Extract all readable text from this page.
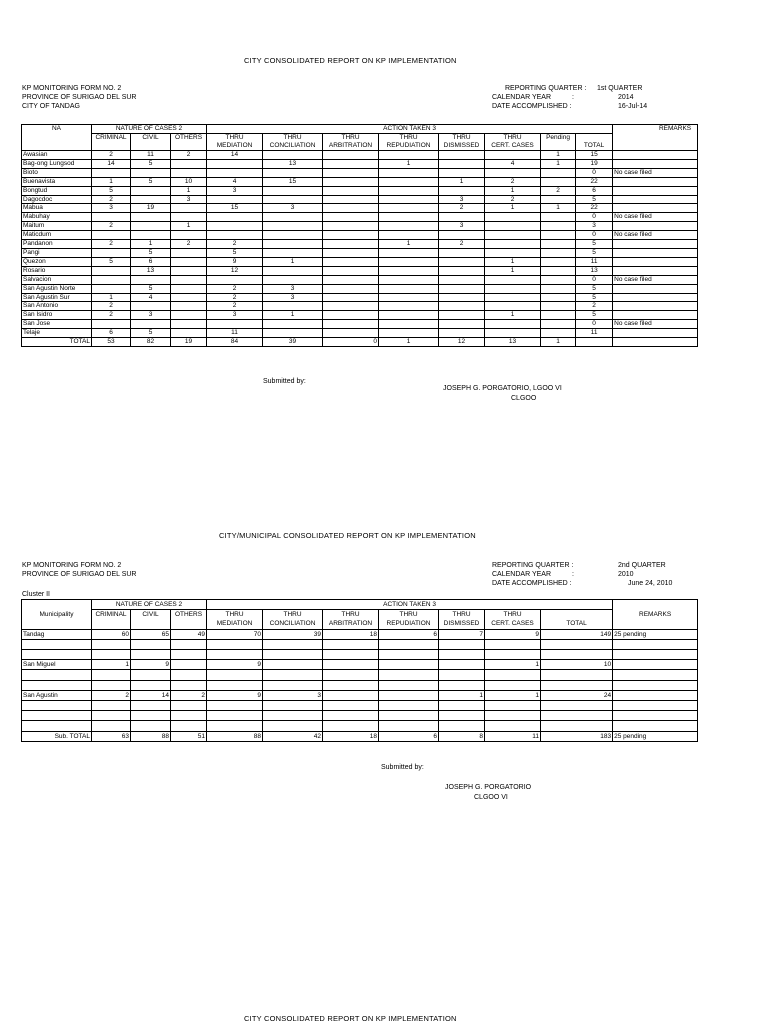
CITY CONSOLIDATED REPORT ON KP IMPLEMENTATION
KP MONITORING FORM NO. 2
PROVINCE OF SURIGAO DEL SUR
CITY OF TANDAG
REPORTING QUARTER : 1st QUARTER
CALENDAR YEAR	:	2014
DATE ACCOMPLISHED :	16-Jul-14
NA	NATURE OF CASES 2			ACTION TAKEN 3								REMARKS
	CRIMINAL	CIVIL	OTHERS	THRU	THRU	THRU	THRU	THRU	THRU	Pending	TOTAL	
				MEDIATION	CONCILIATION	ARBITRATION	REPUDIATION	DISMISSED	CERT. CASES			
Awasian	2	11	2	14						1	15	
Bag-ong Lungsod	14	5			13		1		4	1	19	
Bioto											0	No case filed
Buenavista	1	5	10	4	15			1	2		22	
Bongtud	5		1	3					1	2	6	
Dagocdoc	2		3					3	2		5	
Mabua	3	19		15	3			2	1	1	22	
Mabuhay											0	No case filed
Maitum	2		1					3			3	
Maticdum											0	No case filed
Pandanon	2	1	2	2			1	2			5	
Pangi		5		5							5	
Quezon	5	6		9	1				1		11	
Rosario		13		12					1		13	
Salvacion											0	No case filed
San Agustin Norte		5		2	3						5	
San Agustin Sur	1	4		2	3						5	
San Antonio	2			2							2	
San Isidro	2	3		3	1				1		5	
San Jose											0	No case filed
Telaje	6	5		11							11	
TOTAL	53	82	19	84	39	0	1	12	13	1		
Submitted by:
JOSEPH G. PORGATORIO, LGOO VI
CLGOO
CITY/MUNICIPAL CONSOLIDATED REPORT ON KP IMPLEMENTATION
KP MONITORING FORM NO. 2
PROVINCE OF SURIGAO DEL SUR
REPORTING QUARTER :	2nd QUARTER
CALENDAR YEAR	:	2010
DATE ACCOMPLISHED :	June 24, 2010
Cluster II
Municipality	NATURE OF CASES 2			ACTION TAKEN 3							REMARKS
	CRIMINAL	CIVIL	OTHERS	THRU	THRU	THRU	THRU	THRU	THRU	TOTAL	
				MEDIATION	CONCILIATION	ARBITRATION	REPUDIATION	DISMISSED	CERT. CASES		
Tandag	60	65	49	70	39	18	6	7	9	149	25 pending

San Miguel	1	9		9					1	10	

San Agustin	2	14	2	9	3			1	1	24	

Sub. TOTAL	63	88	51	88	42	18	6	8	11	183	25 pending
Submitted by:
JOSEPH G. PORGATORIO
CLGOO VI
CITY CONSOLIDATED REPORT ON KP IMPLEMENTATION
